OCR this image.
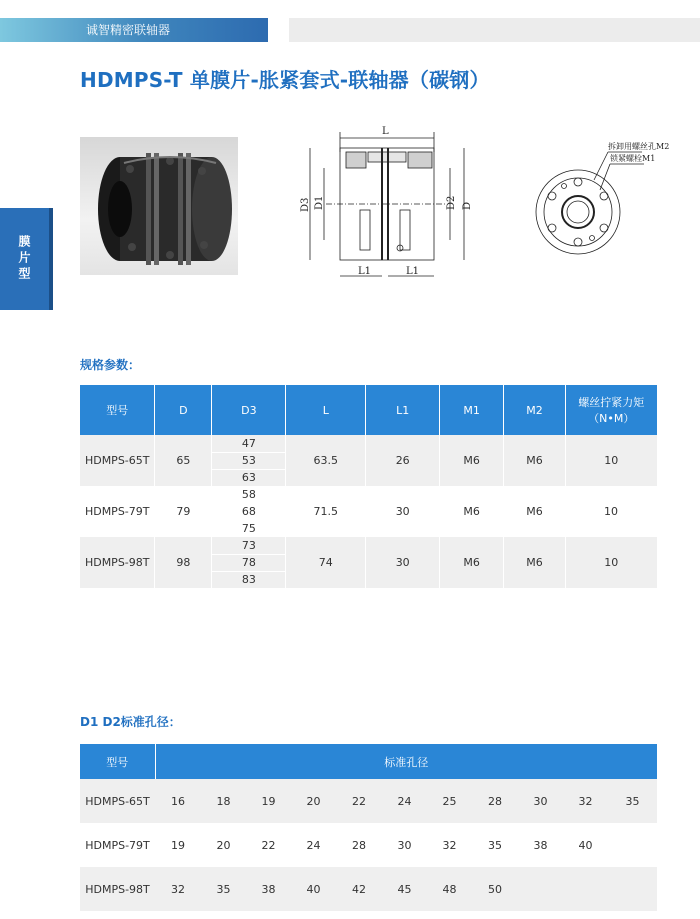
诚智精密联轴器
HDMPS-T 单膜片-胀紧套式-联轴器（碳钢）
膜片型
L
D3 D1	D2 D
L1	L1
拆卸用螺丝孔M2
锁紧螺栓M1
规格参数：
型号	D	D3	L	L1	M1	M2	螺丝拧紧力矩
（N•M）

HDMPS-65T	65	47	63.5	26	M6	M6	10
		53					
		63					
HDMPS-79T	79	58	71.5	30	M6	M6	10
		68					
		75					
HDMPS-98T	98	73	74	30	M6	M6	10
		78					
		83					
D1 D2标准孔径：
型号	标准孔径										
HDMPS-65T	16	18	19	20	22	24	25	28	30	32	35
HDMPS-79T	19	20	22	24	28	30	32	35	38	40	
HDMPS-98T	32	35	38	40	42	45	48	50			
